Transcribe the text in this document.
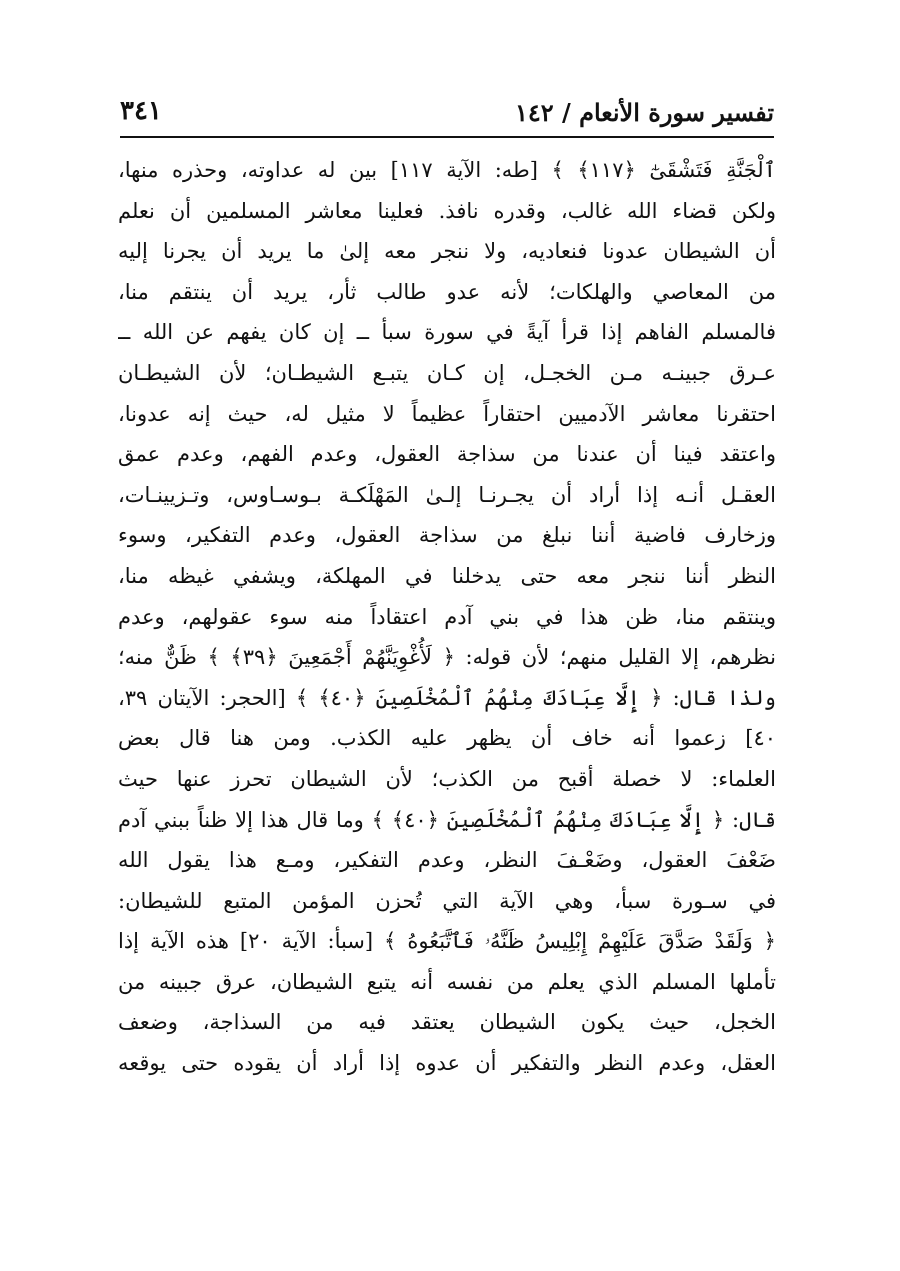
تفسير سورة الأنعام / ١٤٢
٣٤١
ٱلْجَنَّةِ فَتَشْقَىٰٓ ﴿١١٧﴾ ﴾ [طه: الآية ١١٧] بين له عداوته، وحذره منها،
ولكن قضاء الله غالب، وقدره نافذ. فعلينا معاشر المسلمين أن نعلم
أن الشيطان عدونا فنعاديه، ولا ننجر معه إلىٰ ما يريد أن يجرنا إليه
من المعاصي والهلكات؛ لأنه عدو طالب ثأر، يريد أن ينتقم منا،
فالمسلم الفاهم إذا قرأ آيةً في سورة سبأ ــ إن كان يفهم عن الله ــ
عـرق جبينـه مـن الخجـل، إن كـان يتبـع الشيطـان؛ لأن الشيطـان
احتقرنا معاشر الآدميين احتقاراً عظيماً لا مثيل له، حيث إنه عدونا،
واعتقد فينا أن عندنا من سذاجة العقول، وعدم الفهم، وعدم عمق
العقـل أنـه إذا أراد أن يجـرنـا إلـىٰ المَهْلَكـة بـوسـاوس، وتـزيينـات،
وزخارف فاضية أننا نبلغ من سذاجة العقول، وعدم التفكير، وسوء
النظر أننا ننجر معه حتى يدخلنا في المهلكة، ويشفي غيظه منا،
وينتقم منا، ظن هذا في بني آدم اعتقاداً منه سوء عقولهم، وعدم
نظرهم، إلا القليل منهم؛ لأن قوله: ﴿ لَأُغْوِيَنَّهُمْ أَجْمَعِينَ ﴿٣٩﴾ ﴾ ظَنٌّ منه؛
ولذا قال: ﴿ إِلَّا عِبَادَكَ مِنْهُمُ ٱلْمُخْلَصِينَ ﴿٤٠﴾ ﴾ [الحجر: الآيتان ٣٩،
٤٠] زعموا أنه خاف أن يظهر عليه الكذب. ومن هنا قال بعض
العلماء: لا خصلة أقبح من الكذب؛ لأن الشيطان تحرز عنها حيث
قال: ﴿ إِلَّا عِبَادَكَ مِنْهُمُ ٱلْمُخْلَصِينَ ﴿٤٠﴾ ﴾ وما قال هذا إلا ظناً ببني آدم
ضَعْفَ العقول، وضَعْـفَ النظر، وعدم التفكير، ومـع هذا يقول الله
في سـورة سبأ، وهي الآية التي تُحزن المؤمن المتبع للشيطان:
﴿ وَلَقَدْ صَدَّقَ عَلَيْهِمْ إِبْلِيسُ ظَنَّهُۥ فَٱتَّبَعُوهُ ﴾ [سبأ: الآية ٢٠] هذه الآية إذا
تأملها المسلم الذي يعلم من نفسه أنه يتبع الشيطان، عرق جبينه من
الخجل، حيث يكون الشيطان يعتقد فيه من السذاجة، وضعف
العقل، وعدم النظر والتفكير أن عدوه إذا أراد أن يقوده حتى يوقعه
